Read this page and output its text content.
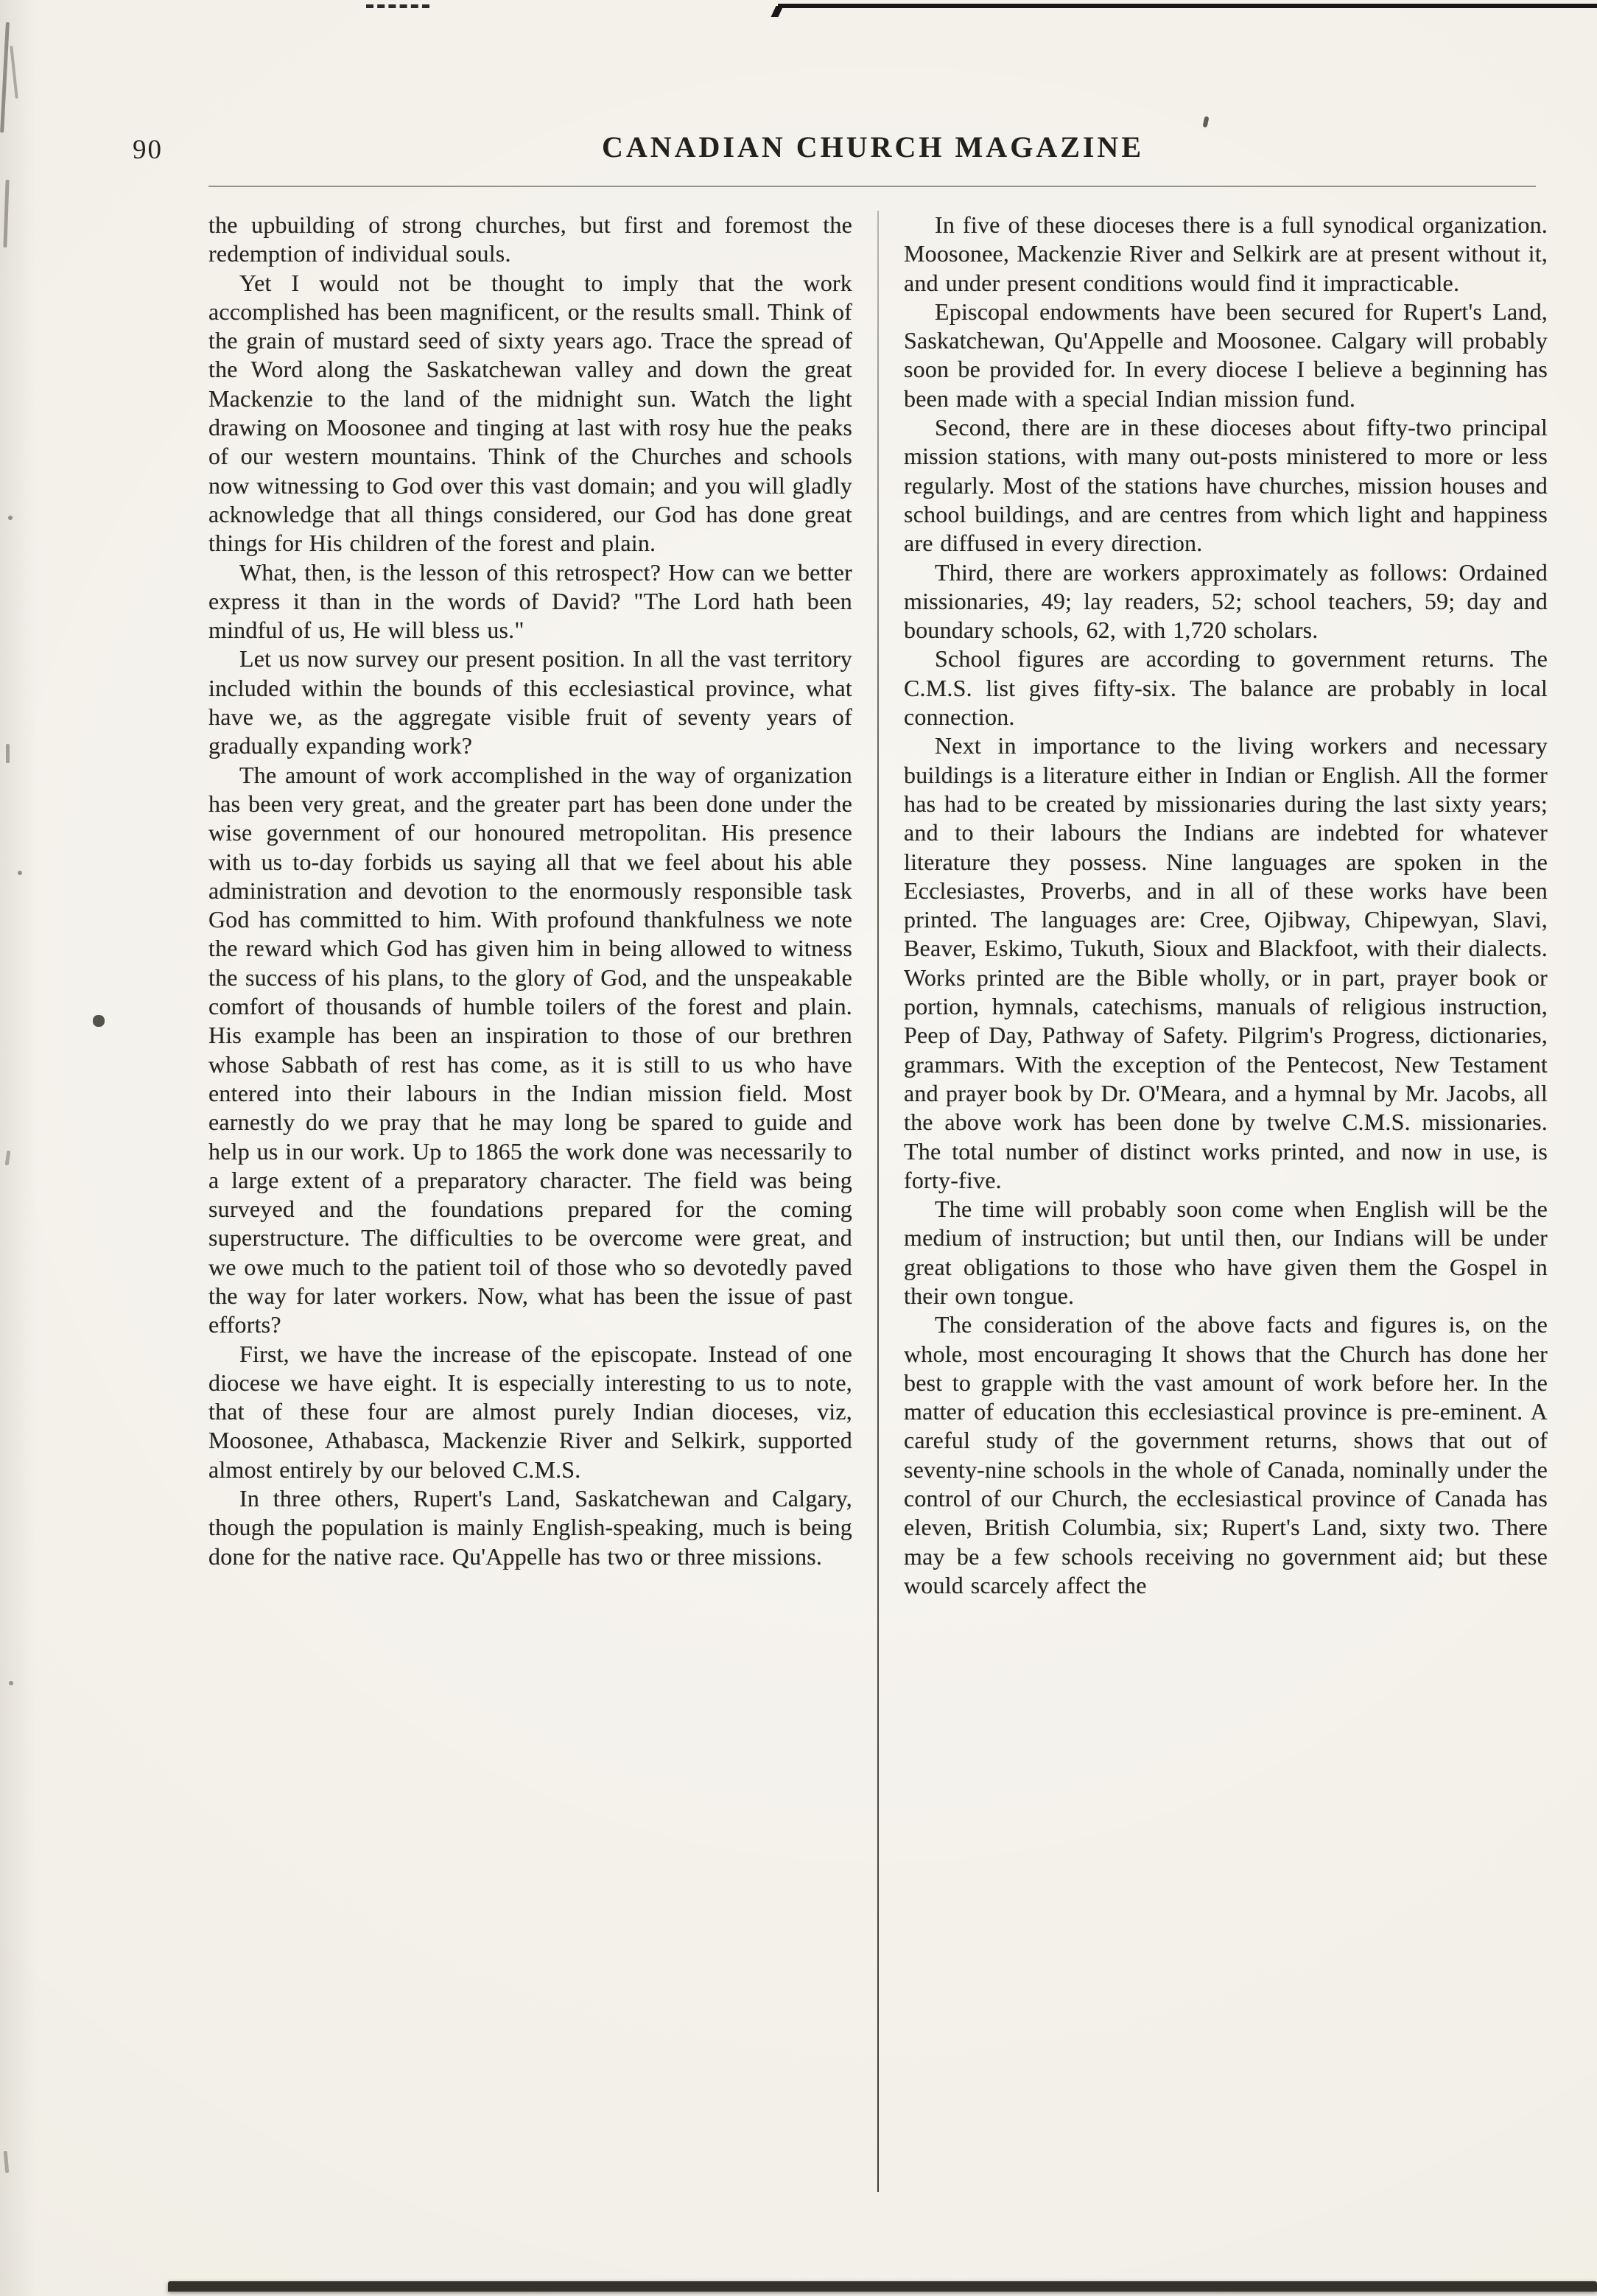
90	CANADIAN CHURCH MAGAZINE

the upbuilding of strong churches, but first and foremost the redemption of individual souls.

Yet I would not be thought to imply that the work accomplished has been magnificent, or the results small. Think of the grain of mustard seed of sixty years ago. Trace the spread of the Word along the Saskatchewan valley and down the great Mackenzie to the land of the midnight sun. Watch the light drawing on Moosonee and tinging at last with rosy hue the peaks of our western mountains. Think of the Churches and schools now witnessing to God over this vast domain; and you will gladly acknowledge that all things considered, our God has done great things for His children of the forest and plain.

What, then, is the lesson of this retrospect? How can we better express it than in the words of David? "The Lord hath been mindful of us, He will bless us."

Let us now survey our present position. In all the vast territory included within the bounds of this ecclesiastical province, what have we, as the aggregate visible fruit of seventy years of gradually expanding work?

The amount of work accomplished in the way of organization has been very great, and the greater part has been done under the wise government of our honoured metropolitan. His presence with us to-day forbids us saying all that we feel about his able administration and devotion to the enormously responsible task God has committed to him. With profound thankfulness we note the reward which God has given him in being allowed to witness the success of his plans, to the glory of God, and the unspeakable comfort of thousands of humble toilers of the forest and plain. His example has been an inspiration to those of our brethren whose Sabbath of rest has come, as it is still to us who have entered into their labours in the Indian mission field. Most earnestly do we pray that he may long be spared to guide and help us in our work. Up to 1865 the work done was necessarily to a large extent of a preparatory character. The field was being surveyed and the foundations prepared for the coming superstructure. The difficulties to be overcome were great, and we owe much to the patient toil of those who so devotedly paved the way for later workers. Now, what has been the issue of past efforts?

First, we have the increase of the episcopate. Instead of one diocese we have eight. It is especially interesting to us to note, that of these four are almost purely Indian dioceses, viz, Moosonee, Athabasca, Mackenzie River and Selkirk, supported almost entirely by our beloved C.M.S.

In three others, Rupert's Land, Saskatchewan and Calgary, though the population is mainly English-speaking, much is being done for the native race. Qu'Appelle has two or three missions.

In five of these dioceses there is a full synodical organization. Moosonee, Mackenzie River and Selkirk are at present without it, and under present conditions would find it impracticable.

Episcopal endowments have been secured for Rupert's Land, Saskatchewan, Qu'Appelle and Moosonee. Calgary will probably soon be provided for. In every diocese I believe a beginning has been made with a special Indian mission fund.

Second, there are in these dioceses about fifty-two principal mission stations, with many out-posts ministered to more or less regularly. Most of the stations have churches, mission houses and school buildings, and are centres from which light and happiness are diffused in every direction.

Third, there are workers approximately as follows: Ordained missionaries, 49; lay readers, 52; school teachers, 59; day and boundary schools, 62, with 1,720 scholars.

School figures are according to government returns. The C.M.S. list gives fifty-six. The balance are probably in local connection.

Next in importance to the living workers and necessary buildings is a literature either in Indian or English. All the former has had to be created by missionaries during the last sixty years; and to their labours the Indians are indebted for whatever literature they possess. Nine languages are spoken in the Ecclesiastes, Proverbs, and in all of these works have been printed. The languages are: Cree, Ojibway, Chipewyan, Slavi, Beaver, Eskimo, Tukuth, Sioux and Blackfoot, with their dialects. Works printed are the Bible wholly, or in part, prayer book or portion, hymnals, catechisms, manuals of religious instruction, Peep of Day, Pathway of Safety. Pilgrim's Progress, dictionaries, grammars. With the exception of the Pentecost, New Testament and prayer book by Dr. O'Meara, and a hymnal by Mr. Jacobs, all the above work has been done by twelve C.M.S. missionaries. The total number of distinct works printed, and now in use, is forty-five.

The time will probably soon come when English will be the medium of instruction; but until then, our Indians will be under great obligations to those who have given them the Gospel in their own tongue.

The consideration of the above facts and figures is, on the whole, most encouraging It shows that the Church has done her best to grapple with the vast amount of work before her. In the matter of education this ecclesiastical province is pre-eminent. A careful study of the government returns, shows that out of seventy-nine schools in the whole of Canada, nominally under the control of our Church, the ecclesiastical province of Canada has eleven, British Columbia, six; Rupert's Land, sixty two. There may be a few schools receiving no government aid; but these would scarcely affect the
